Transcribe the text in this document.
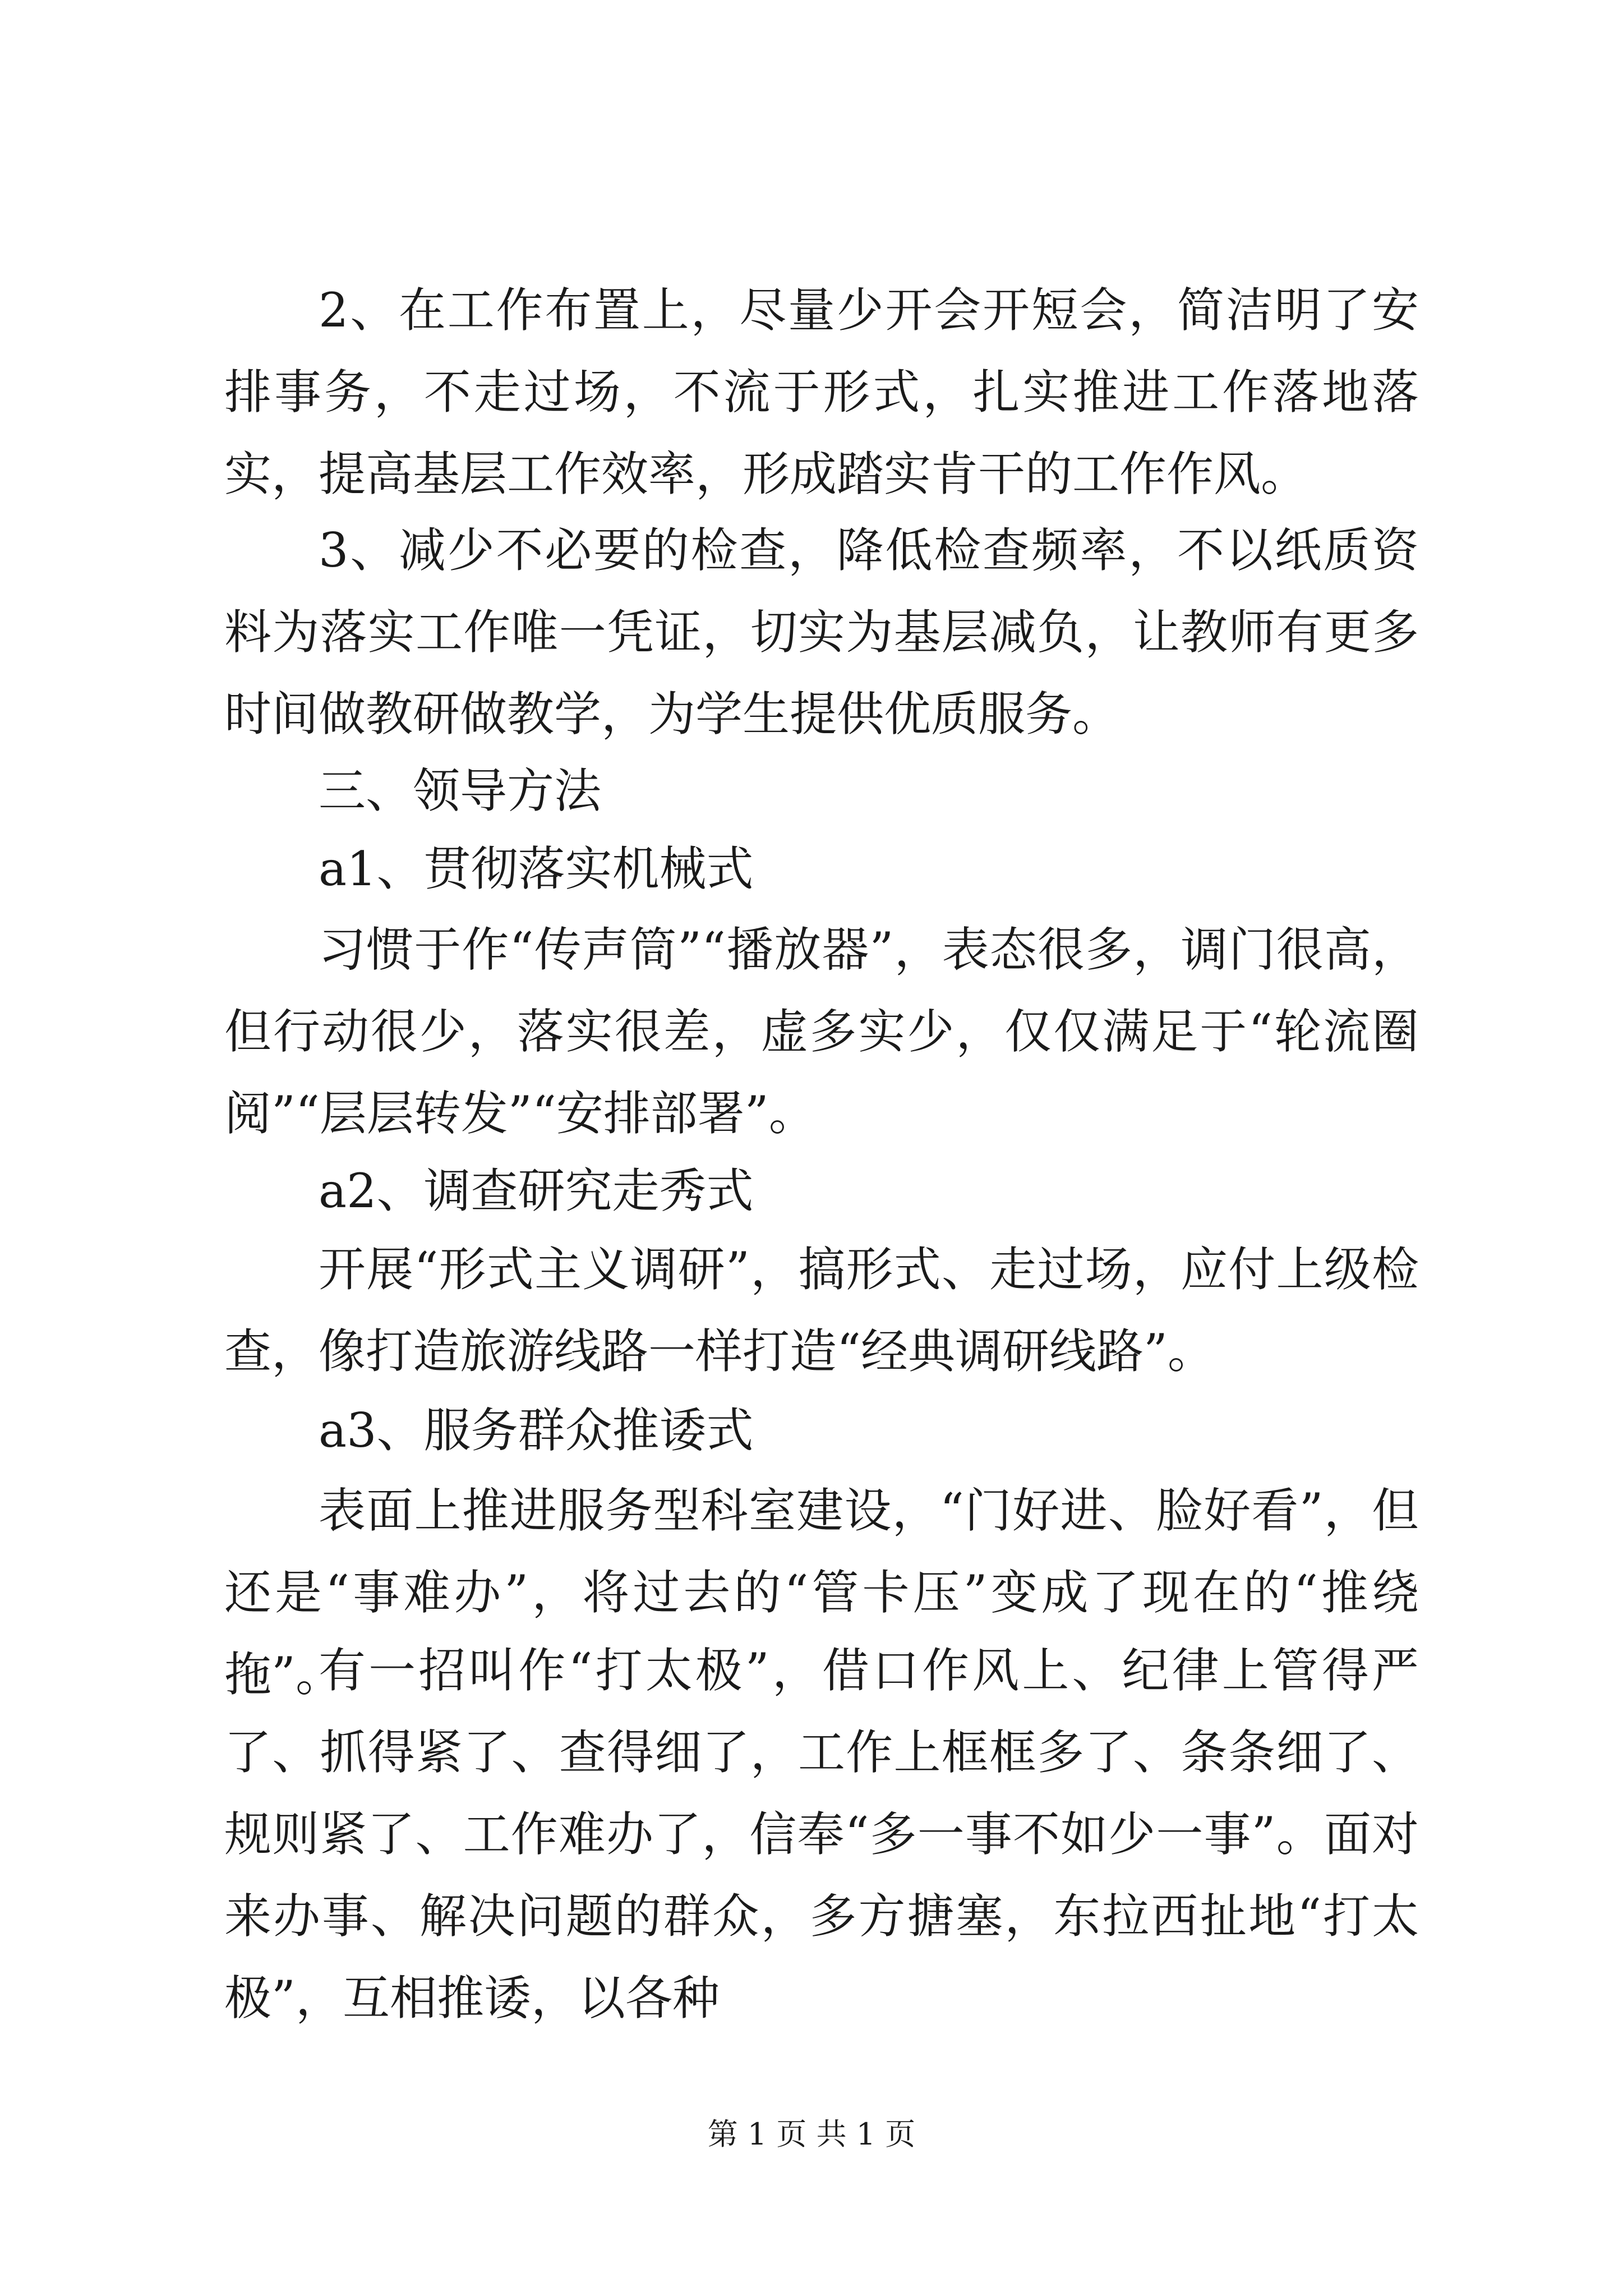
2、在工作布置上，尽量少开会开短会，简洁明了安排事务，不走过场，不流于形式，扎实推进工作落地落实，提高基层工作效率，形成踏实肯干的工作作风。

3、减少不必要的检查，降低检查频率，不以纸质资料为落实工作唯一凭证，切实为基层减负，让教师有更多时间做教研做教学，为学生提供优质服务。

三、领导方法

a1、贯彻落实机械式

习惯于作“传声筒”“播放器”，表态很多，调门很高，但行动很少，落实很差，虚多实少，仅仅满足于“轮流圈阅”“层层转发”“安排部署”。

a2、调查研究走秀式

开展“形式主义调研”，搞形式、走过场，应付上级检查，像打造旅游线路一样打造“经典调研线路”。

a3、服务群众推诿式

表面上推进服务型科室建设，“门好进、脸好看”，但还是“事难办”，将过去的“管卡压”变成了现在的“推绕拖”。

有一招叫作“打太极”，借口作风上、纪律上管得严了、抓得紧了、查得细了，工作上框框多了、条条细了、规则紧了、工作难办了，信奉“多一事不如少一事”。面对来办事、解决问题的群众，多方搪塞，东拉西扯地“打太极”，互相推诿，以各种

第 1 页 共 1 页
